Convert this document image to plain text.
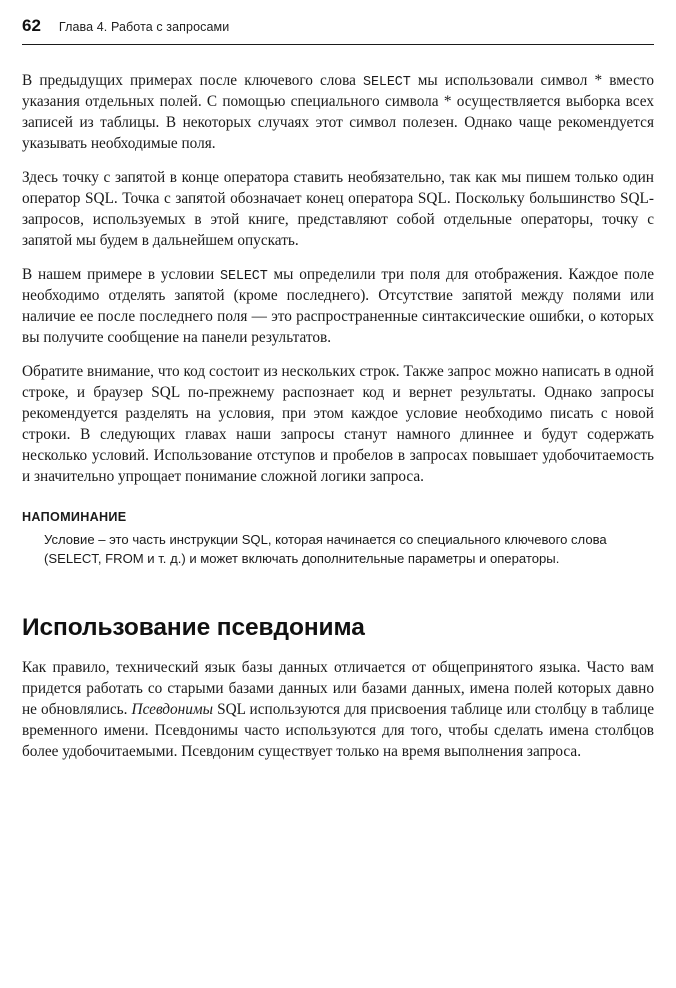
62 Глава 4. Работа с запросами

В предыдущих примерах после ключевого слова SELECT мы использовали символ * вместо указания отдельных полей. С помощью специального символа * осуществляется выборка всех записей из таблицы. В некоторых случаях этот символ полезен. Однако чаще рекомендуется указывать необходимые поля.

Здесь точку с запятой в конце оператора ставить необязательно, так как мы пишем только один оператор SQL. Точка с запятой обозначает конец оператора SQL. Поскольку большинство SQL-запросов, используемых в этой книге, представляют собой отдельные операторы, точку с запятой мы будем в дальнейшем опускать.

В нашем примере в условии SELECT мы определили три поля для отображения. Каждое поле необходимо отделять запятой (кроме последнего). Отсутствие запятой между полями или наличие ее после последнего поля — это распространенные синтаксические ошибки, о которых вы получите сообщение на панели результатов.

Обратите внимание, что код состоит из нескольких строк. Также запрос можно написать в одной строке, и браузер SQL по-прежнему распознает код и вернет результаты. Однако запросы рекомендуется разделять на условия, при этом каждое условие необходимо писать с новой строки. В следующих главах наши запросы станут намного длиннее и будут содержать несколько условий. Использование отступов и пробелов в запросах повышает удобочитаемость и значительно упрощает понимание сложной логики запроса.

НАПОМИНАНИЕ
Условие – это часть инструкции SQL, которая начинается со специального ключевого слова (SELECT, FROM и т. д.) и может включать дополнительные параметры и операторы.
Использование псевдонима

Как правило, технический язык базы данных отличается от общепринятого языка. Часто вам придется работать со старыми базами данных или базами данных, имена полей которых давно не обновлялись. Псевдонимы SQL используются для присвоения таблице или столбцу в таблице временного имени. Псевдонимы часто используются для того, чтобы сделать имена столбцов более удобочитаемыми. Псевдоним существует только на время выполнения запроса.
